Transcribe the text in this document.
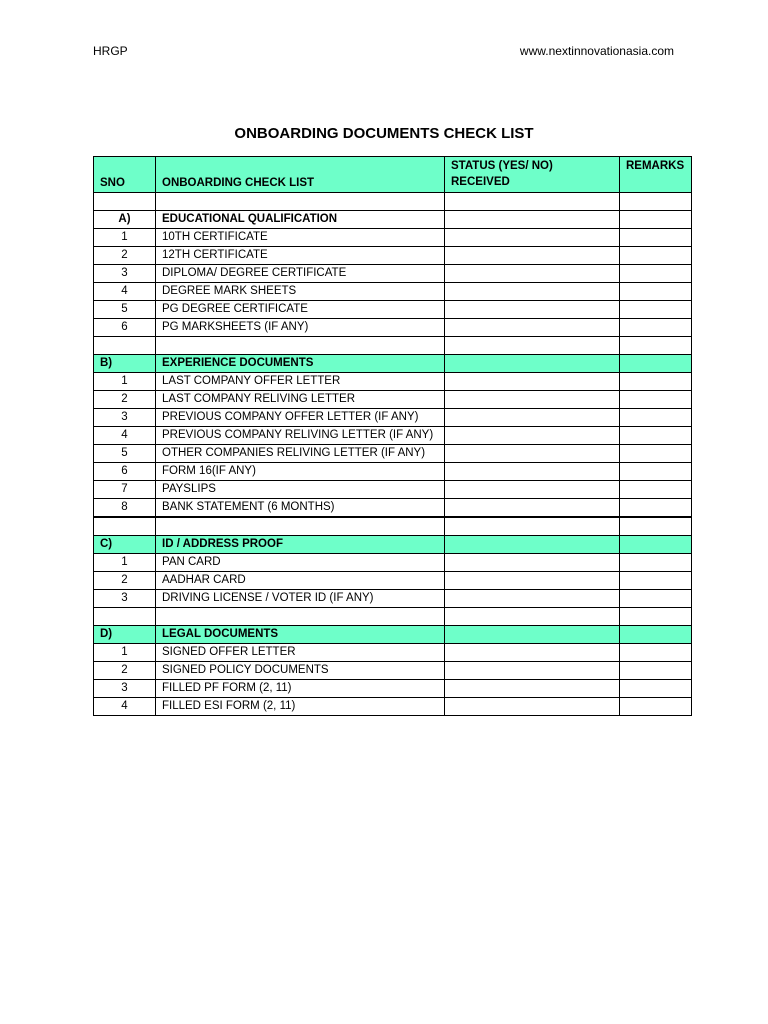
HRGP	www.nextinnovationasia.com
ONBOARDING DOCUMENTS CHECK LIST
SNO	ONBOARDING CHECK LIST	STATUS (YES/ NO) RECEIVED	REMARKS

A)	EDUCATIONAL QUALIFICATION		
1	10TH CERTIFICATE		
2	12TH CERTIFICATE		
3	DIPLOMA/ DEGREE CERTIFICATE		
4	DEGREE MARK SHEETS		
5	PG DEGREE CERTIFICATE		
6	PG MARKSHEETS (IF ANY)		

B)	EXPERIENCE DOCUMENTS		
1	LAST COMPANY OFFER LETTER		
2	LAST COMPANY RELIVING LETTER		
3	PREVIOUS COMPANY OFFER LETTER (IF ANY)		
4	PREVIOUS COMPANY RELIVING LETTER (IF ANY)		
5	OTHER COMPANIES RELIVING LETTER (IF ANY)		
6	FORM 16(IF ANY)		
7	PAYSLIPS		
8	BANK STATEMENT (6 MONTHS)		

C)	ID / ADDRESS PROOF		
1	PAN CARD		
2	AADHAR CARD		
3	DRIVING LICENSE / VOTER ID (IF ANY)		

D)	LEGAL DOCUMENTS		
1	SIGNED OFFER LETTER		
2	SIGNED POLICY DOCUMENTS		
3	FILLED PF FORM (2, 11)		
4	FILLED ESI FORM (2, 11)		
